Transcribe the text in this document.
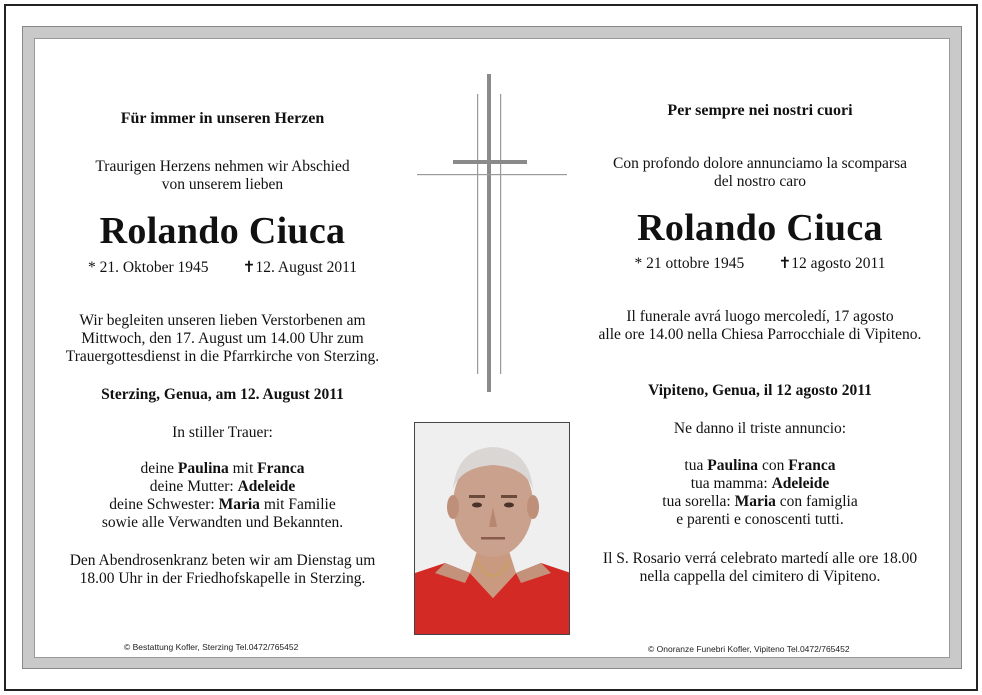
Für immer in unseren Herzen
Traurigen Herzens nehmen wir Abschied
von unserem lieben
Rolando Ciuca
* 21. Oktober 1945 ✝12. August 2011
Wir begleiten unseren lieben Verstorbenen am
Mittwoch, den 17. August um 14.00 Uhr zum
Trauergottesdienst in die Pfarrkirche von Sterzing.
Sterzing, Genua, am 12. August 2011
In stiller Trauer:
deine Paulina mit Franca
deine Mutter: Adeleide
deine Schwester: Maria mit Familie
sowie alle Verwandten und Bekannten.
Den Abendrosenkranz beten wir am Dienstag um
18.00 Uhr in der Friedhofskapelle in Sterzing.
© Bestattung Kofler, Sterzing Tel.0472/765452
Per sempre nei nostri cuori
Con profondo dolore annunciamo la scomparsa
del nostro caro
Rolando Ciuca
* 21 ottobre 1945 ✝12 agosto 2011
Il funerale avrá luogo mercoledí, 17 agosto
alle ore 14.00 nella Chiesa Parrocchiale di Vipiteno.
Vipiteno, Genua, il 12 agosto 2011
Ne danno il triste annuncio:
tua Paulina con Franca
tua mamma: Adeleide
tua sorella: Maria con famiglia
e parenti e conoscenti tutti.
Il S. Rosario verrá celebrato martedí alle ore 18.00
nella cappella del cimitero di Vipiteno.
© Onoranze Funebri Kofler, Vipiteno Tel.0472/765452
